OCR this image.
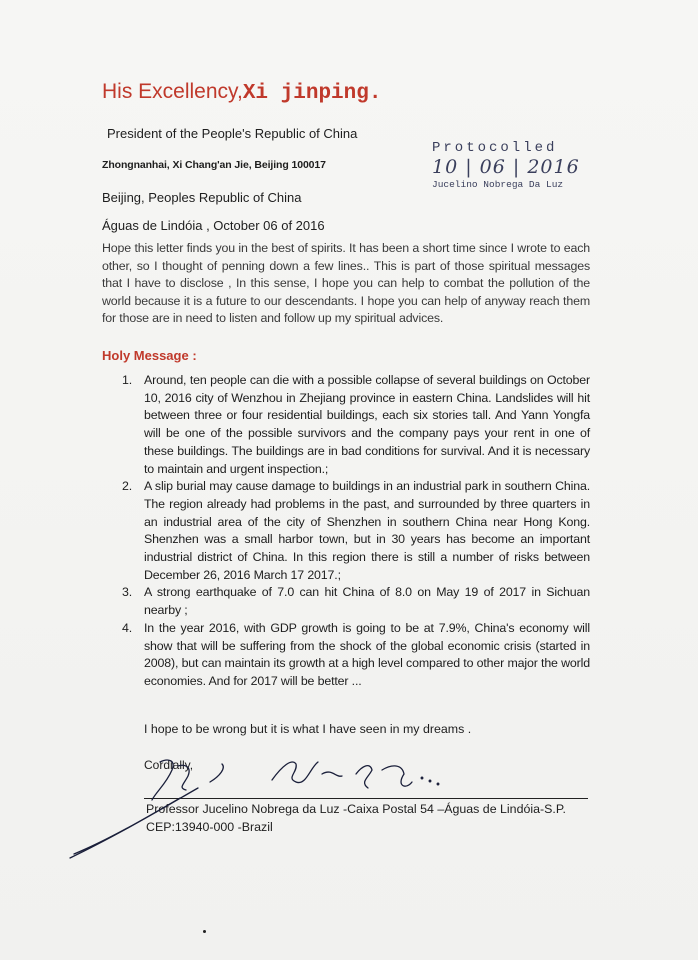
His Excellency,Xi jinping.
President of the People's Republic of China
Zhongnanhai, Xi Chang'an Jie, Beijing 100017
Protocolled
10 | 06 | 2016
Jucelino Nobrega Da Luz
Beijing, Peoples Republic of China
Águas de Lindóia , October 06 of 2016
Hope this letter finds you in the best of spirits. It has been a short time since I wrote to each other, so I thought of penning down a few lines.. This is part of those spiritual messages that I have to disclose , In this sense, I hope you can help to combat the pollution of the world because it is a future to our descendants. I hope you can help of anyway reach them for those are in need to listen and follow up my spiritual advices.
Holy Message :
1. Around, ten people can die with a possible collapse of several buildings on October 10, 2016 city of Wenzhou in Zhejiang province in eastern China. Landslides will hit between three or four residential buildings, each six stories tall. And Yann Yongfa will be one of the possible survivors and the company pays your rent in one of these buildings. The buildings are in bad conditions for survival. And it is necessary to maintain and urgent inspection.;
2. A slip burial may cause damage to buildings in an industrial park in southern China. The region already had problems in the past, and surrounded by three quarters in an industrial area of the city of Shenzhen in southern China near Hong Kong. Shenzhen was a small harbor town, but in 30 years has become an important industrial district of China. In this region there is still a number of risks between December 26, 2016 March 17 2017.;
3. A strong earthquake of 7.0 can hit China of 8.0 on May 19 of 2017 in Sichuan nearby ;
4. In the year 2016, with GDP growth is going to be at 7.9%, China's economy will show that will be suffering from the shock of the global economic crisis (started in 2008), but can maintain its growth at a high level compared to other major the world economies. And for 2017 will be better ...
I hope to be wrong but it is what I have seen in my dreams .
Cordially,
Professor Jucelino Nobrega da Luz -Caixa Postal 54 –Águas de Lindóia-S.P.
CEP:13940-000 -Brazil
